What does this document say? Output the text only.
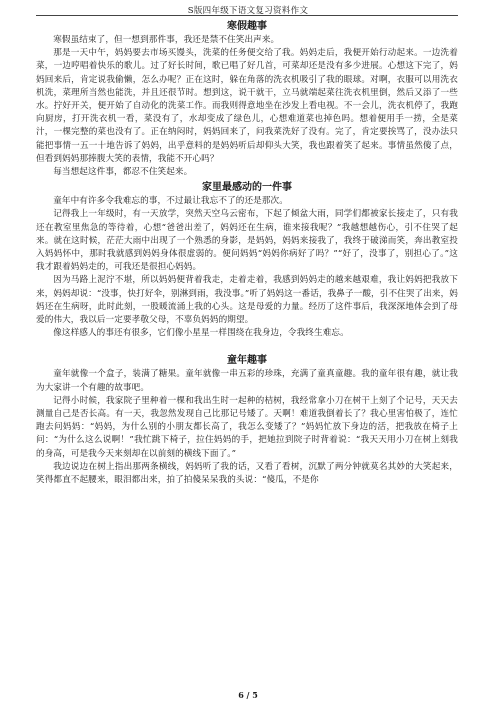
S版四年级下语文复习资料作文
寒假趣事

寒假虽结束了，但一想到那件事，我还是禁不住笑出声来。

那是一天中午，妈妈要去市场买馒头，洗菜的任务便交给了我。妈妈走后，我便开始行动起来。一边洗着菜，一边哼唱着快乐的歌儿。过了好长时间，歌已唱了好几首，可菜却还是没有多少进展。心想这下完了，妈妈回来后，肯定说我偷懒，怎么办呢？正在这时，躲在角落的洗衣机吸引了我的眼球。对啊，衣服可以用洗衣机洗，菜理所当然也能洗，并且还很节时。想到这，说干就干，立马就端起菜往洗衣机里倒，然后又添了一些水。拧好开关，便开始了自动化的洗菜工作。而我则得意地坐在沙发上看电视。不一会儿，洗衣机停了，我跑向厨房，打开洗衣机一看，菜没有了，水却变成了绿色儿，心想难道菜也掉色吗。想着便用手一捞，全是菜汁，一棵完整的菜也没有了。正在纳闷时，妈妈回来了，问我菜洗好了没有。完了，肯定要挨骂了，没办法只能把事情一五一十地告诉了妈妈，出乎意料的是妈妈听后却仰头大笑，我也跟着笑了起来。事情虽然傻了点，但看到妈妈那捧腹大笑的表情，我能不开心吗？

每当想起这件事，都忍不住笑起来。

家里最感动的一件事

童年中有许多令我难忘的事，不过最让我忘不了的还是那次。

记得我上一年级时，有一天放学，突然天空乌云密布，下起了倾盆大雨，同学们都被家长接走了，只有我还在教室里焦急的等待着，心想“爸爸出差了，妈妈还在生病，谁来接我呢？”我越想越伤心，引不住哭了起来。就在这时候，茫茫大雨中出现了一个熟悉的身影，是妈妈，妈妈来接我了，我终于破涕而笑，奔出教室投入妈妈怀中，那时我就感到妈妈身体很虚弱的。便问妈妈“妈妈你病好了吗？”“好了，没事了，别担心了。”这我才跟着妈妈走的，可我还是很担心妈妈。

因为马路上泥泞不堪，所以妈妈便背着我走，走着走着，我感到妈妈走的越来越艰难，我让妈妈把我放下来，妈妈却说：“没事，快打好伞，别淋到雨，我没事。”听了妈妈这一番话，我鼻子一酸，引不住哭了出来，妈妈还在生病呀，此时此刻，一股暖流涌上我的心头。这是母爱的力量。经历了这件事后，我深深地体会到了母爱的伟大，我以后一定要孝敬父母，不辜负妈妈的期望。

像这样感人的事还有很多，它们像小星星一样围绕在我身边，令我终生难忘。

童年趣事

童年就像一个盒子，装满了糖果。童年就像一串五彩的珍珠，充满了童真童趣。我的童年很有趣，就让我为大家讲一个有趣的故事吧。

记得小时候，我家院子里种着一棵和我出生时一起种的桔树，我经常拿小刀在树干上刻了个记号，天天去测量自己是否长高。有一天，我忽然发现自己比那记号矮了。天啊！难道我倒着长了？我心里害怕极了，连忙跑去问妈妈：“妈妈，为什么别的小朋友都长高了，我怎么变矮了？”妈妈忙放下身边的活，把我放在椅子上问：“为什么这么说啊！”我忙跳下椅子，拉住妈妈的手，把她拉到院子时背着说：“我天天用小刀在树上刻我的身高，可是我今天来刻却在以前刻的横线下面了。”

我边说边在树上指出那两条横线，妈妈听了我的话，又看了看树，沉默了两分钟就莫名其妙的大笑起来，笑得都直不起腰来，眼泪都出来，拍了拍傻呆呆我的头说：“傻瓜，不是你

6 / 5
